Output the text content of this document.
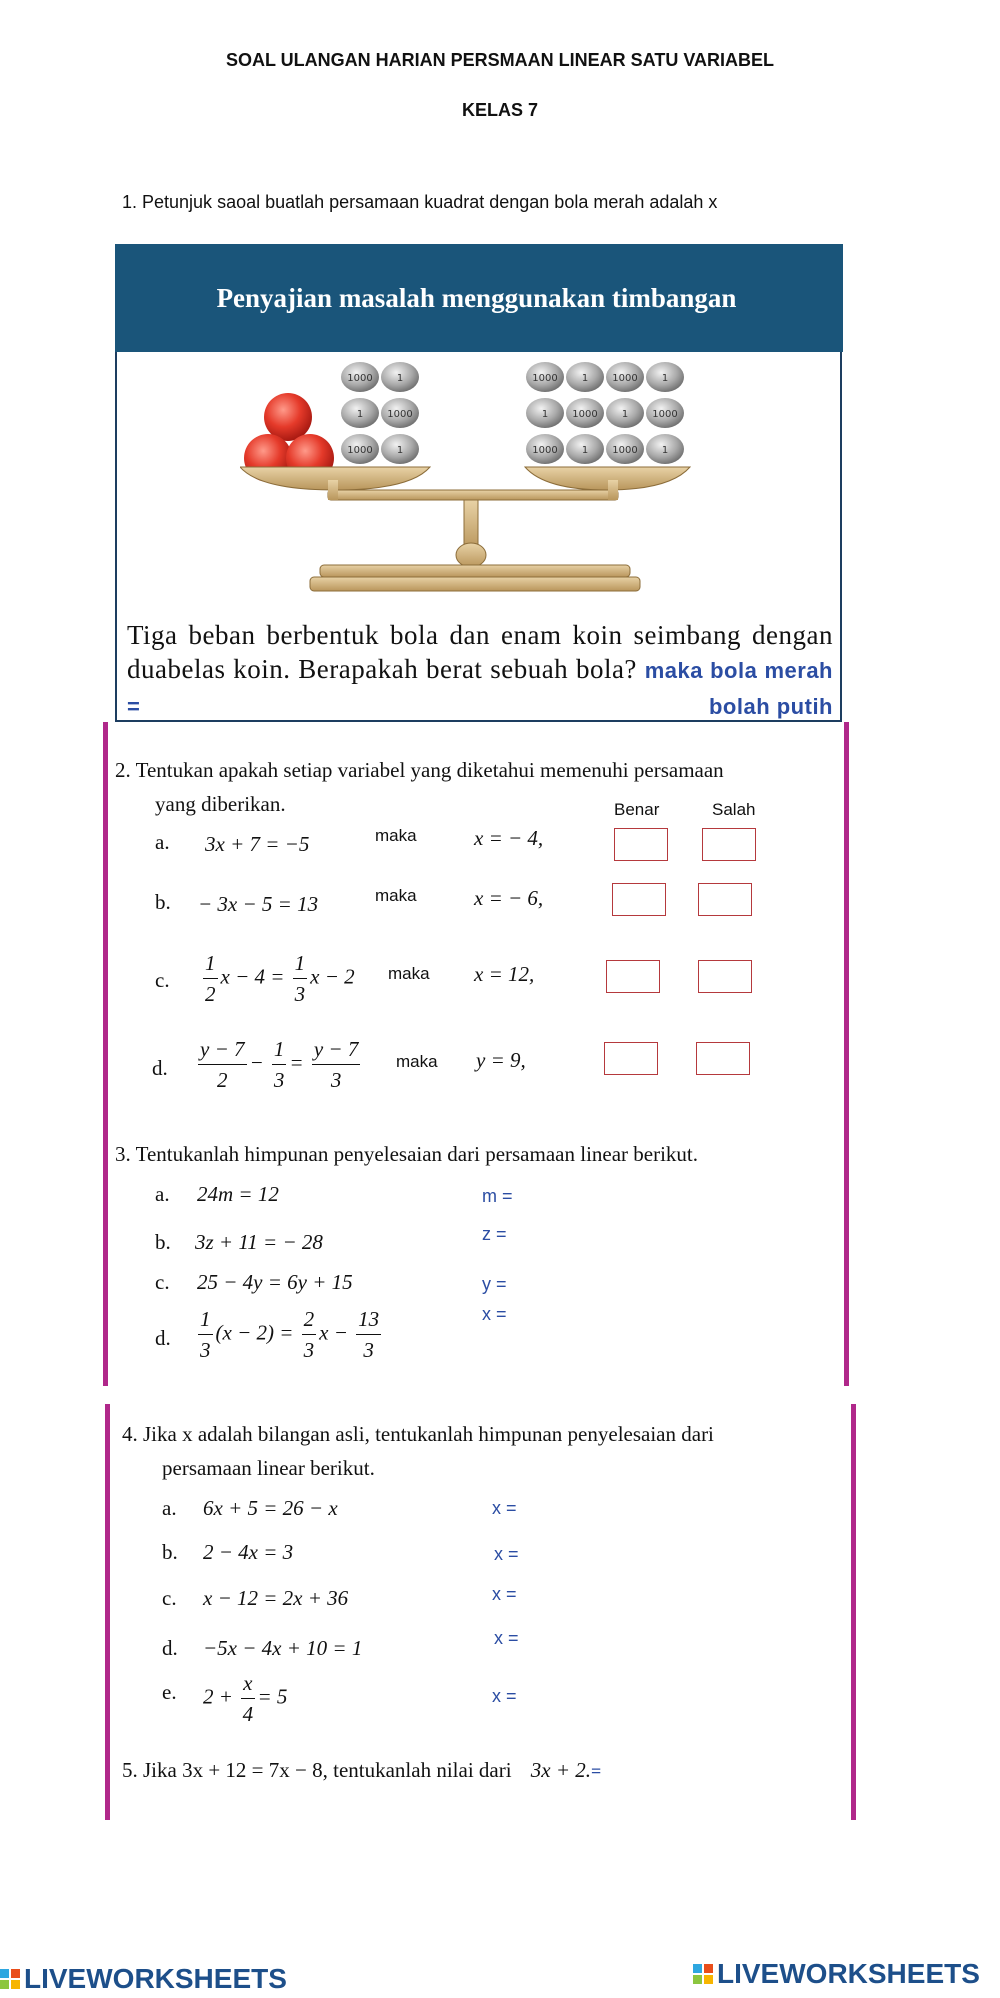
SOAL ULANGAN HARIAN PERSMAAN LINEAR SATU VARIABEL
KELAS 7
1. Petunjuk saoal buatlah persamaan kuadrat dengan bola merah adalah x
Penyajian masalah menggunakan timbangan
1000 1
1 1000
1000 1
1000 1 1000 1
1 1000 1 1000
1000 1 1000 1
Tiga beban berbentuk bola dan enam koin seimbang dengan duabelas koin. Berapakah berat sebuah bola? maka bola merah =	bolah putih
2. Tentukan apakah setiap variabel yang diketahui memenuhi persamaan
yang diberikan.	Benar	Salah
a. 3x + 7 = −5	maka	x = − 4,
b. − 3x − 5 = 13	maka	x = − 6,
c. $\frac{1}{2}$ $x - 4 = \frac{1}{3}$ x − 2 maka x = 12,
d. $\frac{y - 7}{2} - \frac{1}{3} = \frac{y - 7}{3}$ maka y = 9,
3. Tentukanlah himpunan penyelesaian dari persamaan linear berikut.
a. 24m = 12	m =
b. 3z + 11 = − 28	z =
c. 25 − 4y = 6y + 15	y =
d. $\frac{1}{3} (x - 2) = \frac{2}{3}$ $x - \frac{13}{3}$	x =
4. Jika x adalah bilangan asli, tentukanlah himpunan penyelesaian dari
persamaan linear berikut.
a. 6x + 5 = 26 − x	x =
b. 2 − 4x = 3	x =
c. x − 12 = 2x + 36	x =
d. −5x − 4x + 10 = 1	x =
e. $2 + \frac{x}{4} = 5$	x =
5. Jika 3x + 12 = 7x − 8, tentukanlah nilai dari 3x + 2.=
LIVEWORKSHEETS	LIVEWORKSHEETS
